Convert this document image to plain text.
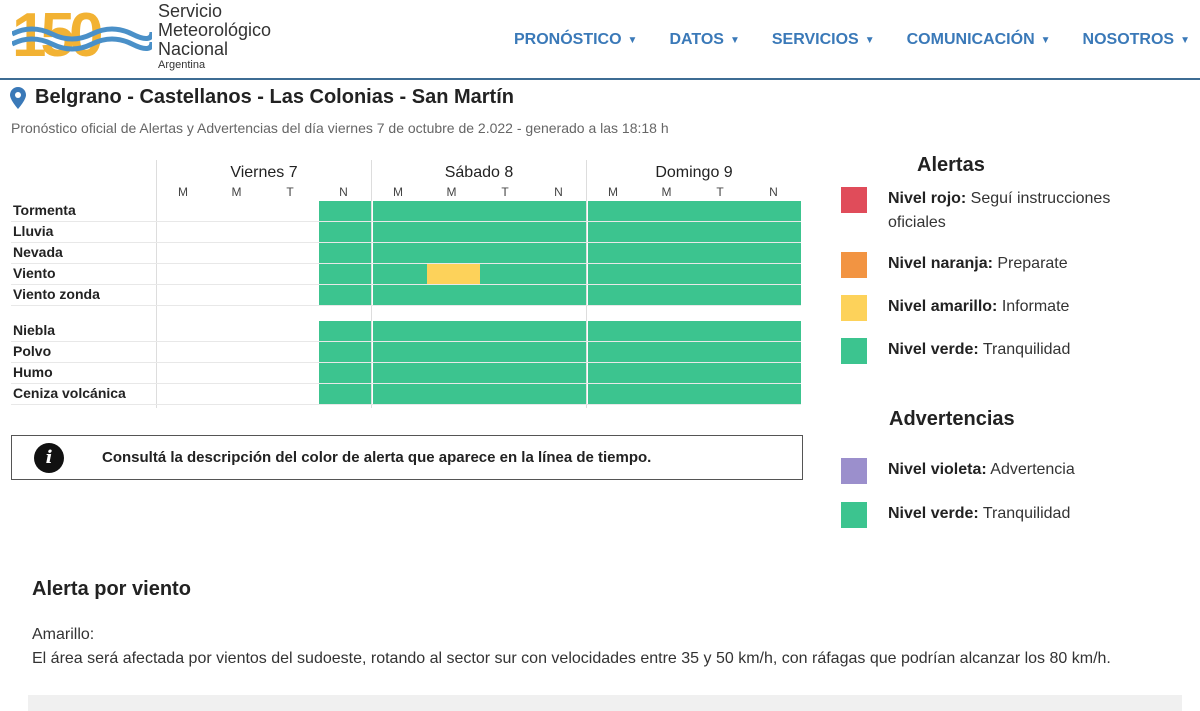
150	Servicio
Meteorológico
Nacional
Argentina
PRONÓSTICO ▼ DATOS ▼ SERVICIOS ▼ COMUNICACIÓN ▼ NOSOTROS ▼
Belgrano - Castellanos - Las Colonias - San Martín
Pronóstico oficial de Alertas y Advertencias del día viernes 7 de octubre de 2.022 - generado a las 18:18 h
Viernes 7
M	M	T	N
Sábado 8
M	M	T	N
Domingo 9
M	M	T	N
Tormenta
Lluvia
Nevada
Viento
Viento zonda
Niebla
Polvo
Humo
Ceniza volcánica
i	Consultá la descripción del color de alerta que aparece en la línea de tiempo.
Alertas
Nivel rojo: Seguí instrucciones oficiales
Nivel naranja: Preparate
Nivel amarillo: Informate
Nivel verde: Tranquilidad
Advertencias
Nivel violeta: Advertencia
Nivel verde: Tranquilidad
Alerta por viento
Amarillo:
El área será afectada por vientos del sudoeste, rotando al sector sur con velocidades entre 35 y 50 km/h, con ráfagas que podrían alcanzar los 80 km/h.
